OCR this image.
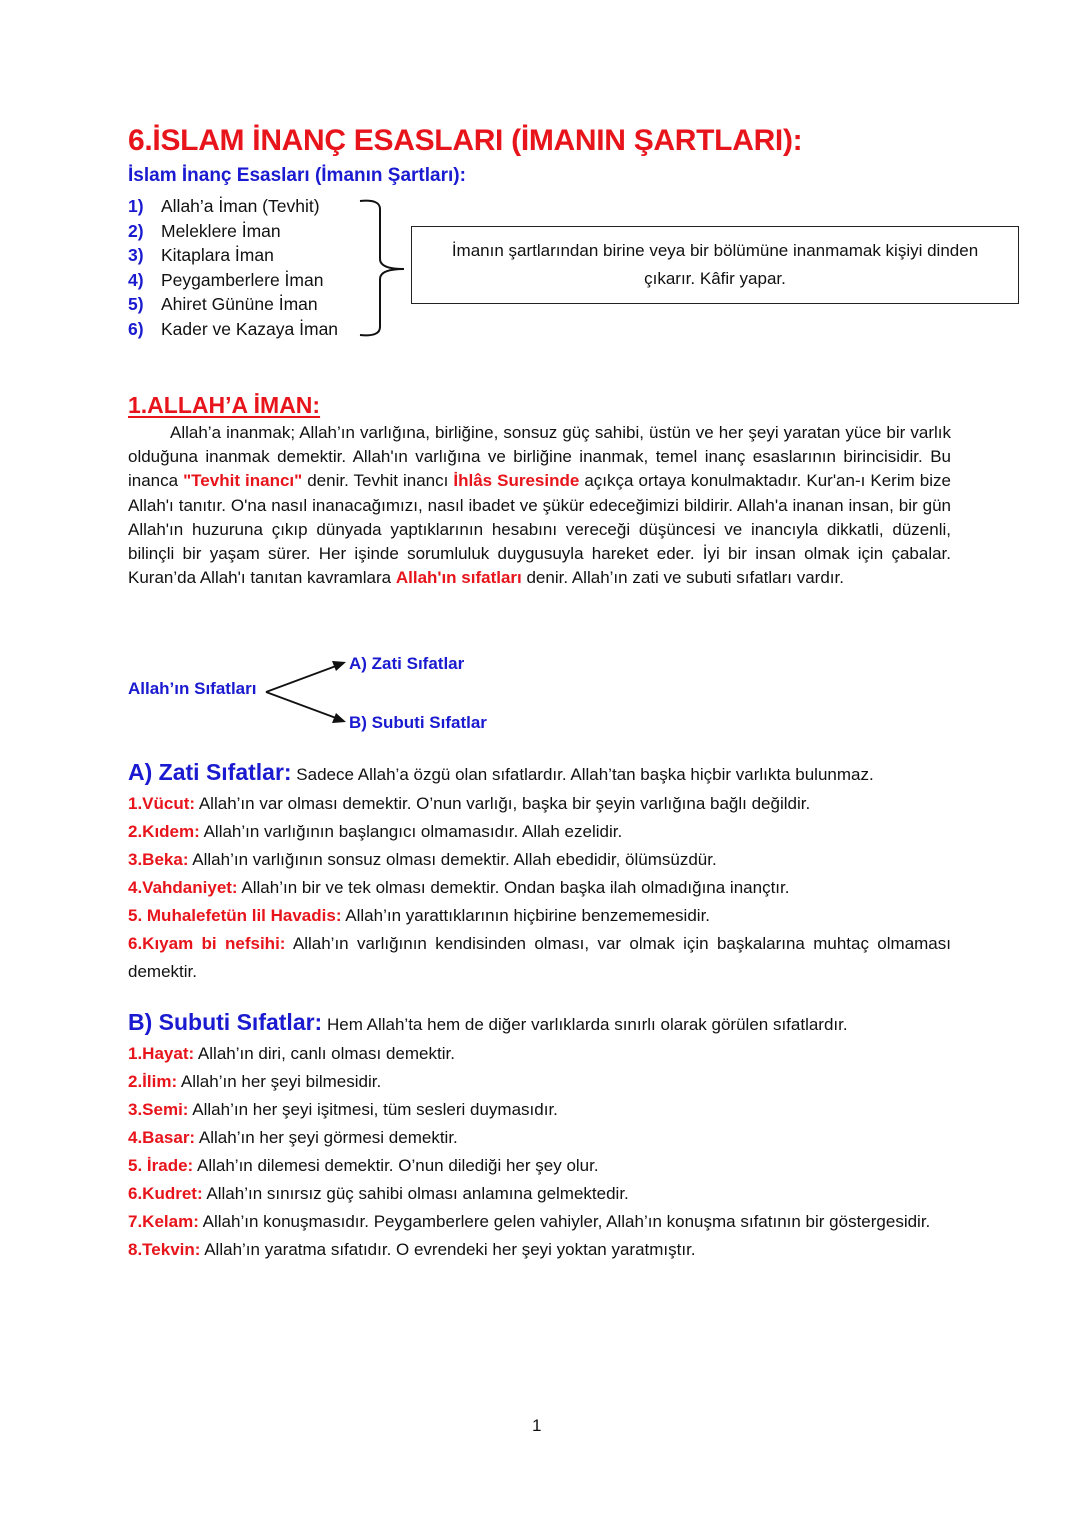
6.İSLAM İNANÇ ESASLARI (İMANIN ŞARTLARI):
İslam İnanç Esasları (İmanın Şartları):
1) Allah’a İman (Tevhit)
2) Meleklere İman
3) Kitaplara İman
4) Peygamberlere İman
5) Ahiret Gününe İman
6) Kader ve Kazaya İman
İmanın şartlarından birine veya bir bölümüne inanmamak kişiyi dinden
çıkarır. Kâfir yapar.
1.ALLAH’A İMAN:

Allah’a inanmak; Allah’ın varlığına, birliğine, sonsuz güç sahibi, üstün ve her şeyi yaratan yüce bir varlık olduğuna inanmak demektir. Allah'ın varlığına ve birliğine inanmak, temel inanç esaslarının birincisidir. Bu inanca "Tevhit inancı" denir. Tevhit inancı İhlâs Suresinde açıkça ortaya konulmaktadır. Kur'an-ı Kerim bize Allah'ı tanıtır. O'na nasıl inanacağımızı, nasıl ibadet ve şükür edeceğimizi bildirir. Allah'a inanan insan, bir gün Allah'ın huzuruna çıkıp dünyada yaptıklarının hesabını vereceği düşüncesi ve inancıyla dikkatli, düzenli, bilinçli bir yaşam sürer. Her işinde sorumluluk duygusuyla hareket eder. İyi bir insan olmak için çabalar. Kuran’da Allah'ı tanıtan kavramlara Allah'ın sıfatları denir. Allah’ın zati ve subuti sıfatları vardır.

Allah’ın Sıfatları
A) Zati Sıfatlar
B) Subuti Sıfatlar
A) Zati Sıfatlar: Sadece Allah’a özgü olan sıfatlardır. Allah’tan başka hiçbir varlıkta bulunmaz.

1.Vücut: Allah’ın var olması demektir. O’nun varlığı, başka bir şeyin varlığına bağlı değildir.

2.Kıdem: Allah’ın varlığının başlangıcı olmamasıdır. Allah ezelidir.

3.Beka: Allah’ın varlığının sonsuz olması demektir. Allah ebedidir, ölümsüzdür.

4.Vahdaniyet: Allah’ın bir ve tek olması demektir. Ondan başka ilah olmadığına inançtır.

5. Muhalefetün lil Havadis: Allah’ın yarattıklarının hiçbirine benzememesidir.

6.Kıyam bi nefsihi: Allah’ın varlığının kendisinden olması, var olmak için başkalarına muhtaç olmaması demektir.

B) Subuti Sıfatlar: Hem Allah’ta hem de diğer varlıklarda sınırlı olarak görülen sıfatlardır.

1.Hayat: Allah’ın diri, canlı olması demektir.

2.İlim: Allah’ın her şeyi bilmesidir.

3.Semi: Allah’ın her şeyi işitmesi, tüm sesleri duymasıdır.

4.Basar: Allah’ın her şeyi görmesi demektir.

5. İrade: Allah’ın dilemesi demektir. O’nun dilediği her şey olur.

6.Kudret: Allah’ın sınırsız güç sahibi olması anlamına gelmektedir.

7.Kelam: Allah’ın konuşmasıdır. Peygamberlere gelen vahiyler, Allah’ın konuşma sıfatının bir göstergesidir.

8.Tekvin: Allah’ın yaratma sıfatıdır. O evrendeki her şeyi yoktan yaratmıştır.

1
